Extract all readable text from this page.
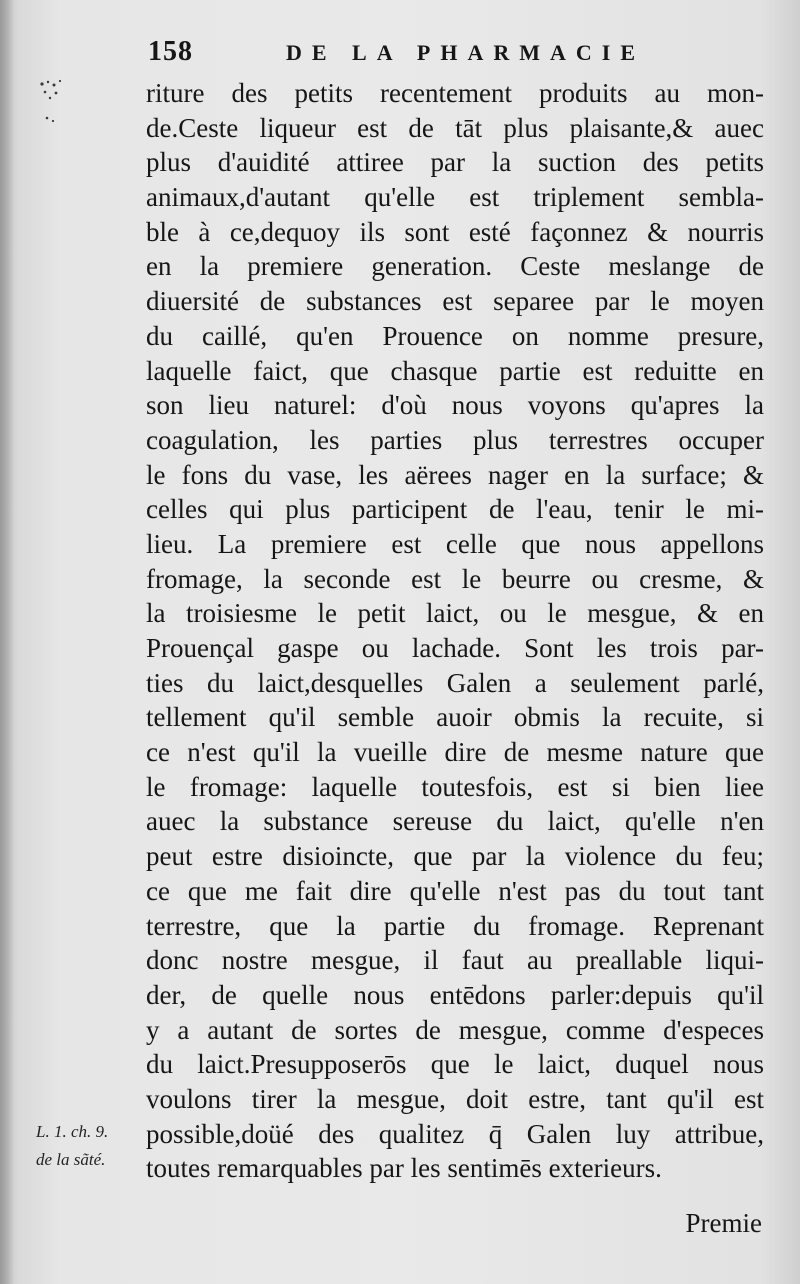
158	DE LA PHARMACIE
riture des petits recentement produits au mon-
de.Ceste liqueur est de tāt plus plaisante,& auec
plus d'auidité attiree par la suction des petits
animaux,d'autant qu'elle est triplement sembla-
ble à ce,dequoy ils sont esté façonnez & nourris
en la premiere generation. Ceste meslange de
diuersité de substances est separee par le moyen
du caillé, qu'en Prouence on nomme presure,
laquelle faict, que chasque partie est reduitte en
son lieu naturel: d'où nous voyons qu'apres la
coagulation, les parties plus terrestres occuper
le fons du vase, les aërees nager en la surface; &
celles qui plus participent de l'eau, tenir le mi-
lieu. La premiere est celle que nous appellons
fromage, la seconde est le beurre ou cresme, &
la troisiesme le petit laict, ou le mesgue, & en
Prouençal gaspe ou lachade. Sont les trois par-
ties du laict,desquelles Galen a seulement parlé,
tellement qu'il semble auoir obmis la recuite, si
ce n'est qu'il la vueille dire de mesme nature que
le fromage: laquelle toutesfois, est si bien liee
auec la substance sereuse du laict, qu'elle n'en
peut estre disioincte, que par la violence du feu;
ce que me fait dire qu'elle n'est pas du tout tant
terrestre, que la partie du fromage. Reprenant
donc nostre mesgue, il faut au preallable liqui-
der, de quelle nous entēdons parler:depuis qu'il
y a autant de sortes de mesgue, comme d'especes
du laict.Presupposerōs que le laict, duquel nous
voulons tirer la mesgue, doit estre, tant qu'il est
possible,doüé des qualitez q̄ Galen luy attribue,
toutes remarquables par les sentimēs exterieurs.
L. 1. ch. 9.
de la sãté.
Premie
